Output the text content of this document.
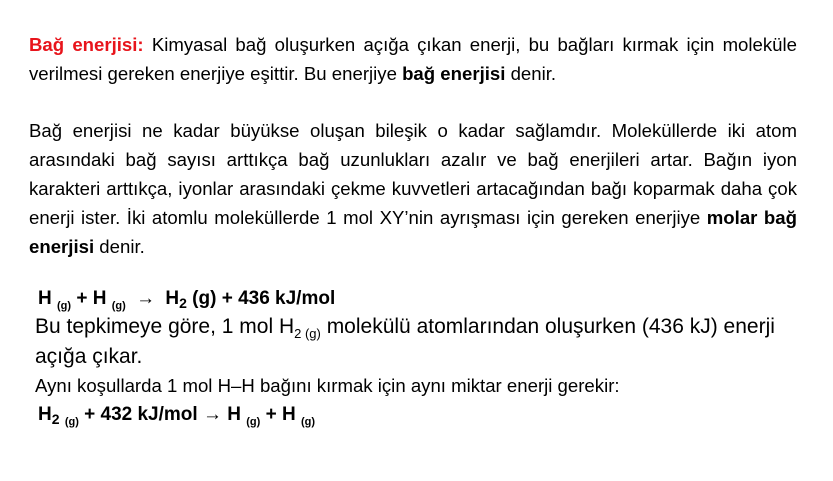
Bağ enerjisi: Kimyasal bağ oluşurken açığa çıkan enerji, bu bağları kırmak için moleküle verilmesi gereken enerjiye eşittir. Bu enerjiye bağ enerjisi denir.

Bağ enerjisi ne kadar büyükse oluşan bileşik o kadar sağlamdır. Moleküllerde iki atom arasındaki bağ sayısı arttıkça bağ uzunlukları azalır ve bağ enerjileri artar. Bağın iyon karakteri arttıkça, iyonlar arasındaki çekme kuvvetleri artacağından bağı koparmak daha çok enerji ister. İki atomlu moleküllerde 1 mol XY’nin ayrışması için gereken enerjiye molar bağ enerjisi denir.

H $_{(g)}$ + H $_{(g)} \to H_2$ (g) + 436 kJ/mol

Bu tepkimeye göre, 1 mol $H_{2 (g)}$ molekülü atomlarından oluşurken (436 kJ) enerji açığa çıkar.

Aynı koşullarda 1 mol H–H bağını kırmak için aynı miktar enerji gerekir:

$H_2$ $_{(g)}$ + 432 kJ/mol → H $_{(g)}$ + H $_{(g)}$
